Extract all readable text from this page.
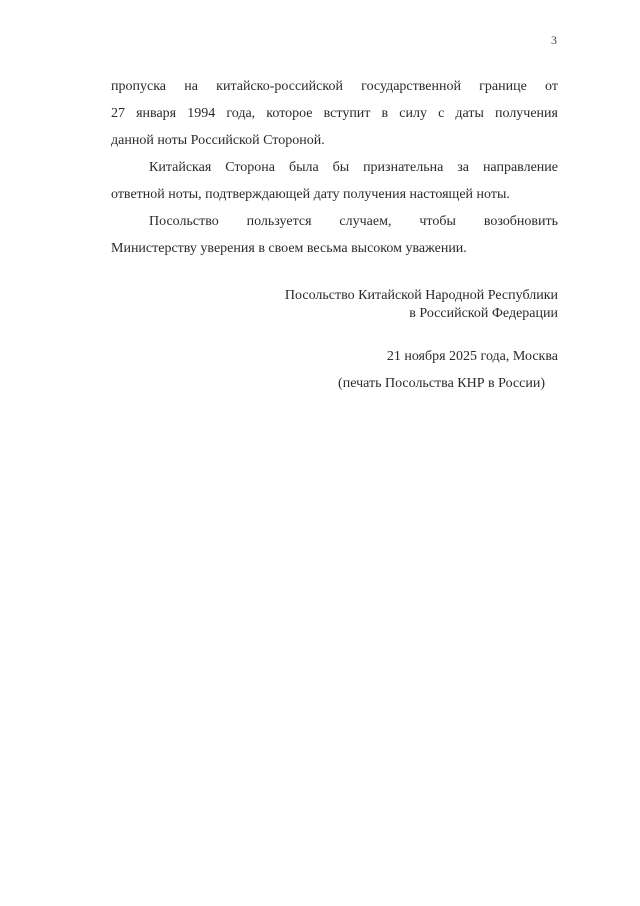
3

пропуска на китайско-российской государственной границе от
27 января 1994 года, которое вступит в силу с даты получения
данной ноты Российской Стороной.

Китайская Сторона была бы признательна за направление
ответной ноты, подтверждающей дату получения настоящей ноты.

Посольство пользуется случаем, чтобы возобновить
Министерству уверения в своем весьма высоком уважении.

Посольство Китайской Народной Республики
в Российской Федерации
21 ноября 2025 года, Москва
(печать Посольства КНР в России)
